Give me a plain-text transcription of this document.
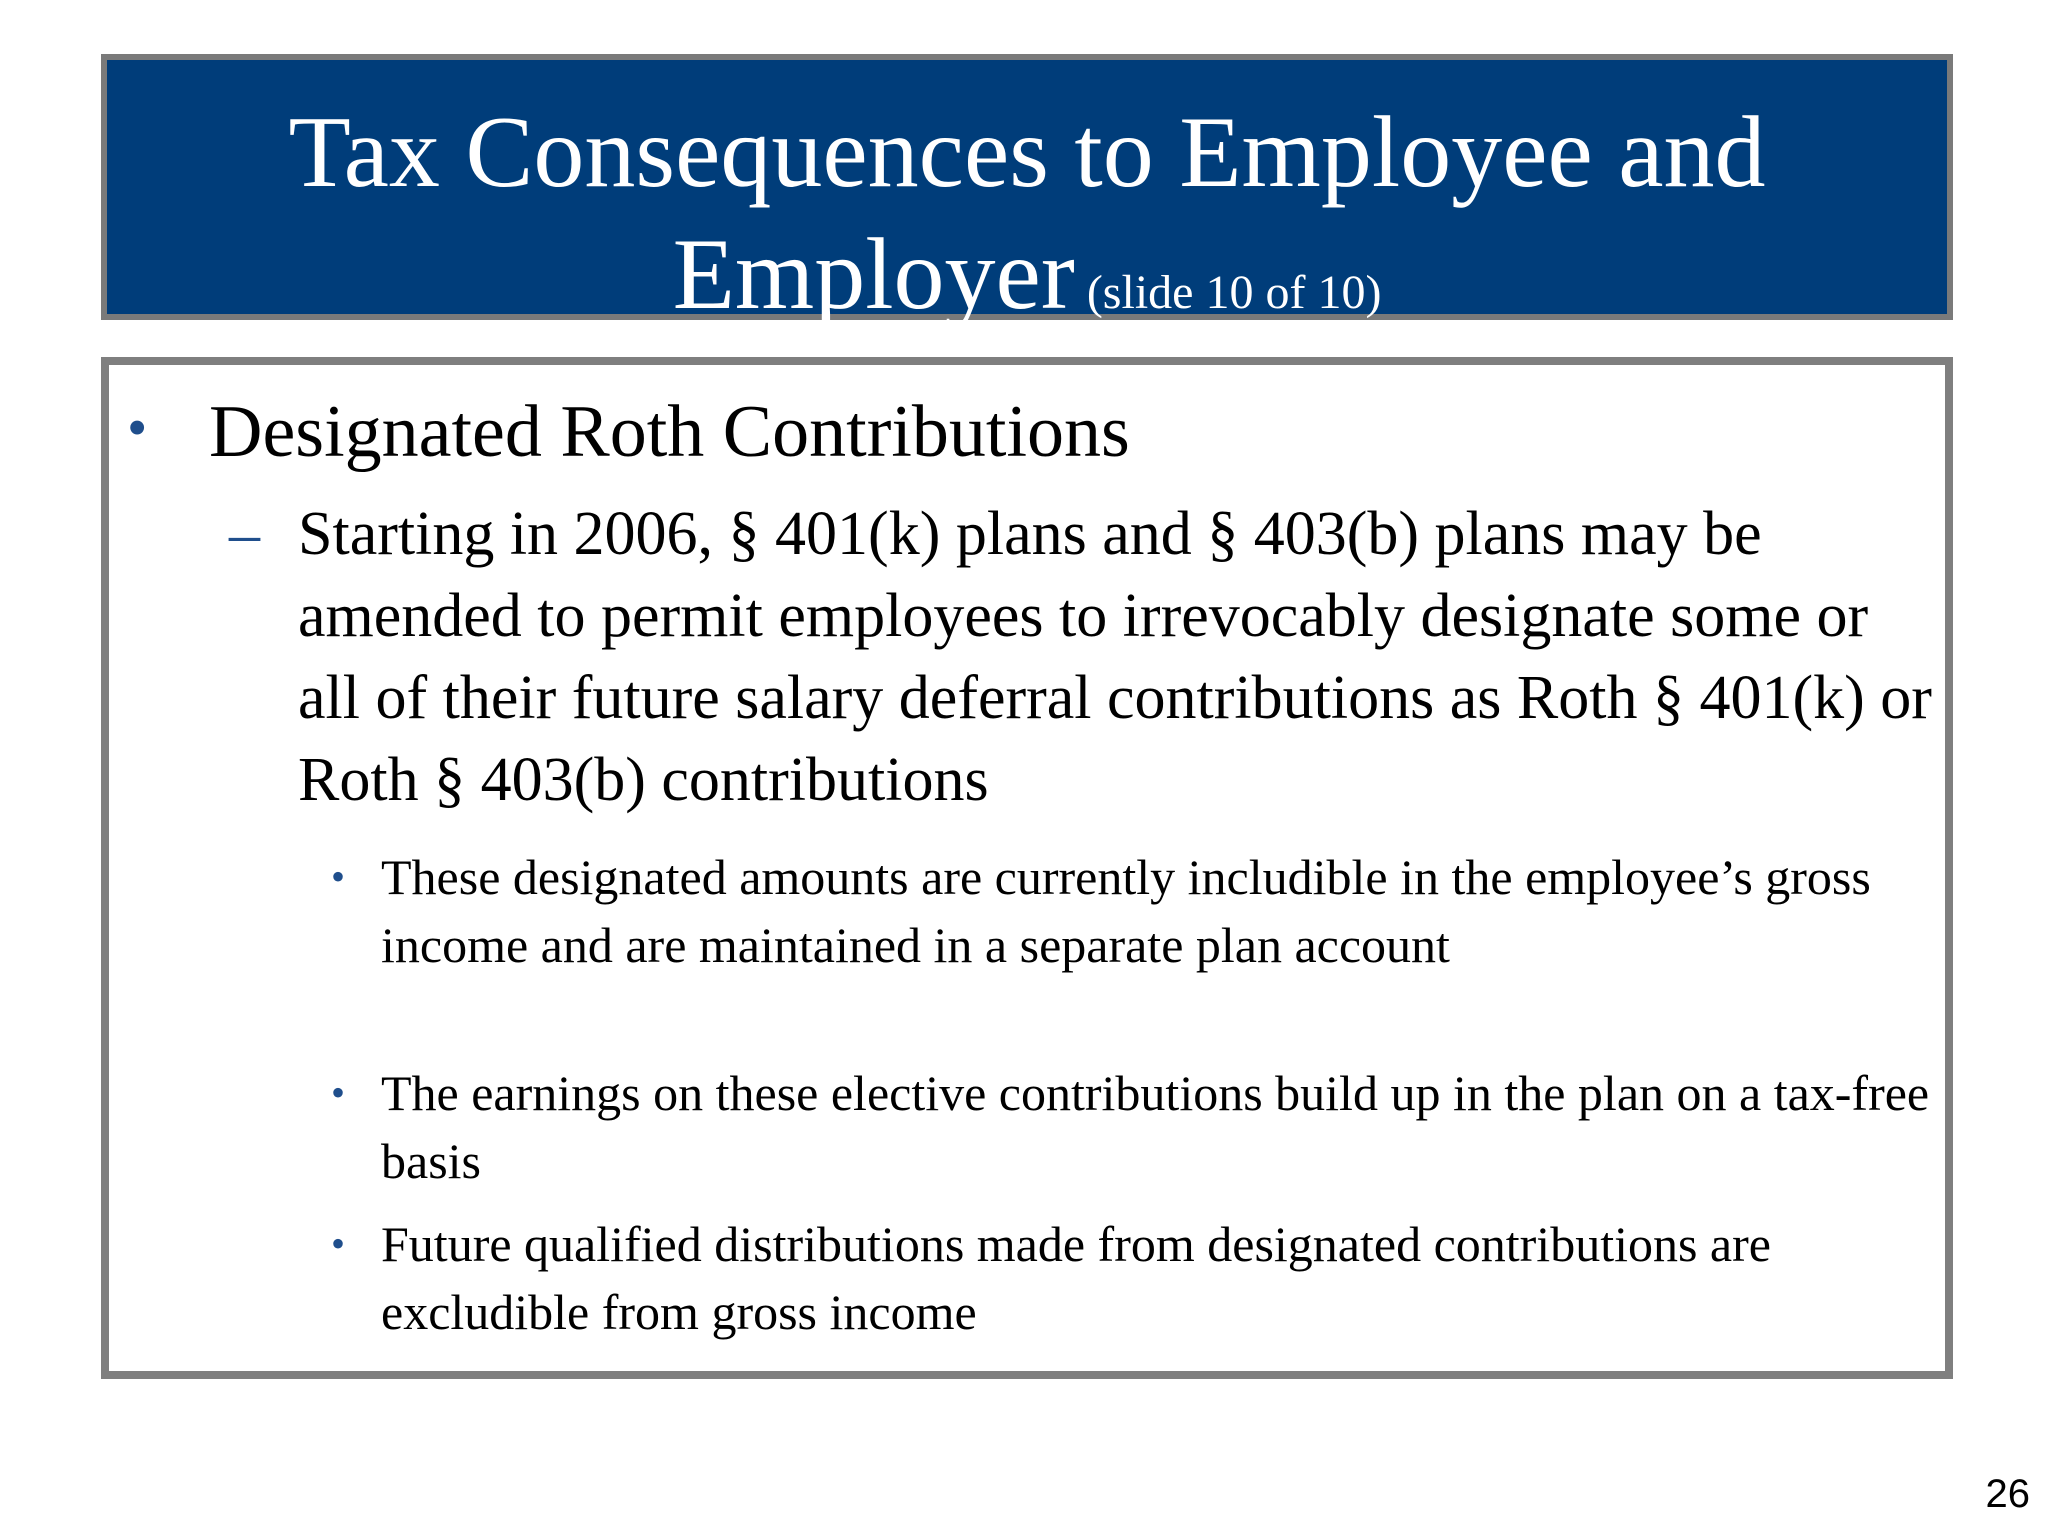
Tax Consequences to Employee and
Employer (slide 10 of 10)
• Designated Roth Contributions
– Starting in 2006, § 401(k) plans and § 403(b) plans may be amended to permit employees to irrevocably designate some or all of their future salary deferral contributions as Roth § 401(k) or Roth § 403(b) contributions
• These designated amounts are currently includible in the employee’s gross income and are maintained in a separate plan account
• The earnings on these elective contributions build up in the plan on a tax-free basis
• Future qualified distributions made from designated contributions are excludible from gross income
26
